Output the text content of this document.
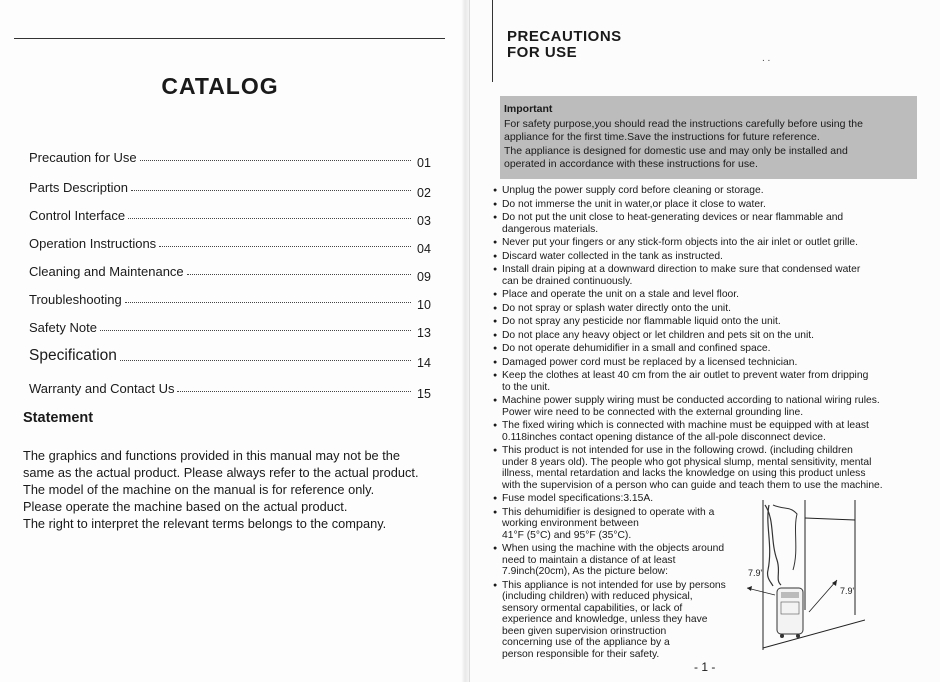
CATALOG
Precaution for Use	01
Parts Description	02
Control Interface	03
Operation Instructions	04
Cleaning and Maintenance	09
Troubleshooting	10
Safety Note	13
Specification	14
Warranty and Contact Us	15
Statement
The graphics and functions provided in this manual may not be the
same as the actual product. Please always refer to the actual product.
The model of the machine on the manual is for reference only.
Please operate the machine based on the actual product.
The right to interpret the relevant terms belongs to the company.
PRECAUTIONS
FOR USE	. .
Important
For safety purpose,you should read the instructions carefully before using the
appliance for the first time.Save the instructions for future reference.
The appliance is designed for domestic use and may only be installed and
operated in accordance with these instructions for use.
● Unplug the power supply cord before cleaning or storage.
● Do not immerse the unit in water,or place it close to water.
● Do not put the unit close to heat-generating devices or near flammable and
dangerous materials.
● Never put your fingers or any stick-form objects into the air inlet or outlet grille.
● Discard water collected in the tank as instructed.
● Install drain piping at a downward direction to make sure that condensed water
can be drained continuously.
● Place and operate the unit on a stale and level floor.
● Do not spray or splash water directly onto the unit.
● Do not spray any pesticide nor flammable liquid onto the unit.
● Do not place any heavy object or let children and pets sit on the unit.
● Do not operate dehumidifier in a small and confined space.
● Damaged power cord must be replaced by a licensed technician.
● Keep the clothes at least 40 cm from the air outlet to prevent water from dripping
to the unit.
● Machine power supply wiring must be conducted according to national wiring rules.
Power wire need to be connected with the external grounding line.
● The fixed wiring which is connected with machine must be equipped with at least
0.118inches contact opening distance of the all-pole disconnect device.
● This product is not intended for use in the following crowd. (including children
under 8 years old). The people who got physical slump, mental sensitivity, mental
illness, mental retardation and lacks the knowledge on using this product unless
with the supervision of a person who can guide and teach them to use the machine.
● Fuse model specifications:3.15A.
● This dehumidifier is designed to operate with a
working environment between
41°F (5°C) and 95°F (35°C).
● When using the machine with the objects around
need to maintain a distance of at least
7.9inch(20cm), As the picture below:
● This appliance is not intended for use by persons
(including children) with reduced physical,
sensory ormental capabilities, or lack of
experience and knowledge, unless they have
been given supervision orinstruction
concerning use of the appliance by a
person responsible for their safety.
7.9"
7.9"
- 1 -
